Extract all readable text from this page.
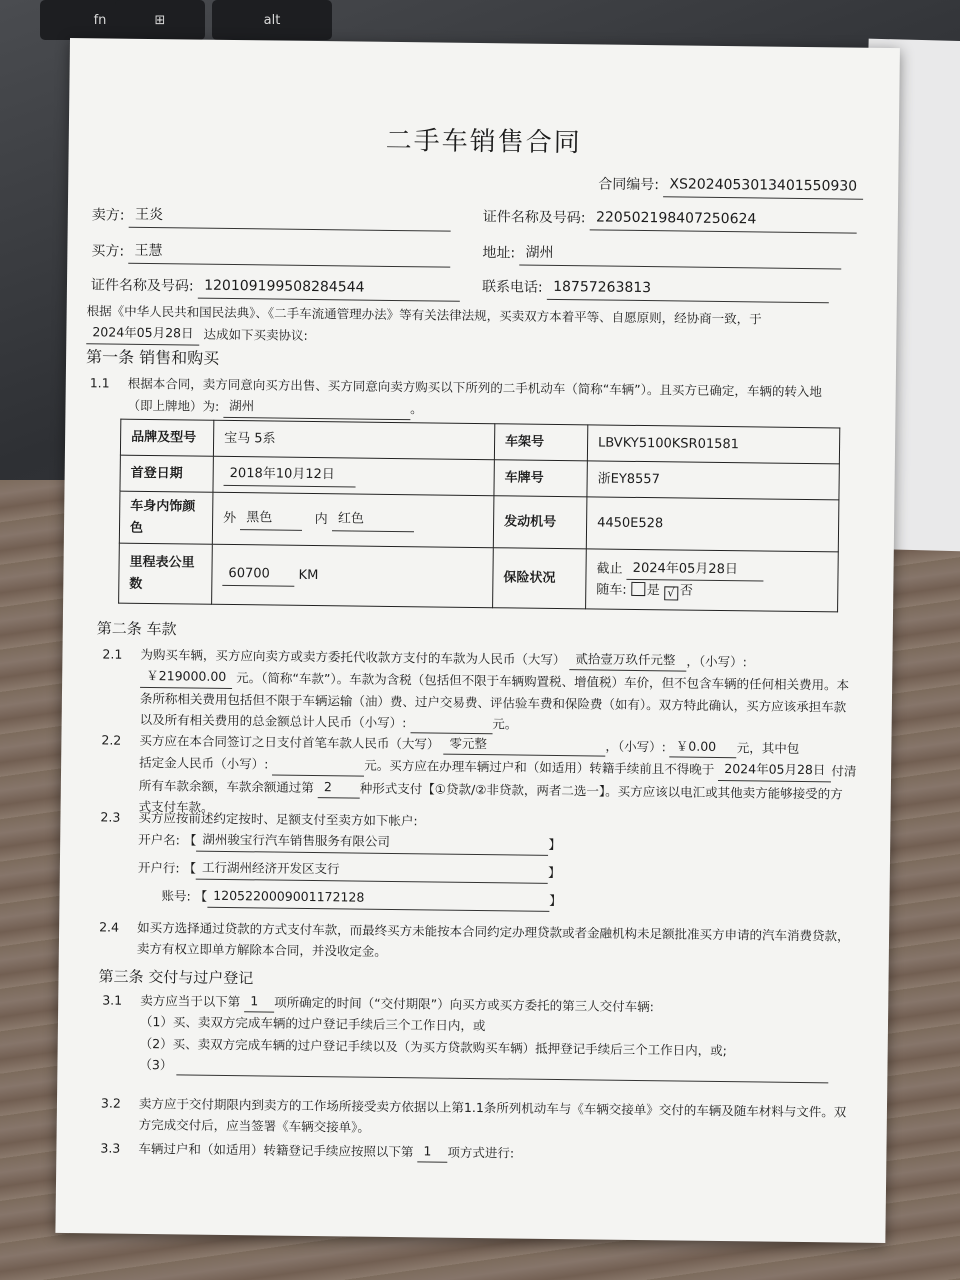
fn	⊞	alt
二手车销售合同
合同编号: XS2024053013401550930
卖方: 王炎	证件名称及号码: 220502198407250624
买方: 王慧	地址: 湖州
证件名称及号码: 120109199508284544	联系电话: 18757263813
根据《中华人民共和国民法典》、《二手车流通管理办法》等有关法律法规，买卖双方本着平等、自愿原则，经协商一致，于 2024年05月28日 达成如下买卖协议:
第一条 销售和购买
1.1 根据本合同，卖方同意向买方出售、买方同意向卖方购买以下所列的二手机动车（简称“车辆”）。且买方已确定，车辆的转入地
（即上牌地）为: 湖州	。
品牌及型号	宝马 5系	车架号	LBVKY5100KSR01581
首登日期	2018年10月12日	车牌号	浙EY8557
车身内饰颜色	外 黑色 内 红色	发动机号	4450E528
里程表公里数	60700 KM	保险状况	截止 2024年05月28日
随车: 是 √ 否
第二条 车款
2.1 为购买车辆，买方应向卖方或卖方委托代收款方支付的车款为人民币（大写） 贰拾壹万玖仟元整 ，（小写）:
￥219000.00 元。（简称“车款”）。车款为含税（包括但不限于车辆购置税、增值税）车价，但不包含车辆的任何相关费用。本
条所称相关费用包括但不限于车辆运输（油）费、过户交易费、评估验车费和保险费（如有）。双方特此确认，买方应该承担车款
以及所有相关费用的总金额总计人民币（小写）:	元。
2.2 买方应在本合同签订之日支付首笔车款人民币（大写） 零元整	，（小写）: ￥0.00 元，其中包
括定金人民币（小写）:	元。买方应在办理车辆过户和（如适用）转籍手续前且不得晚于 2024年05月28日 付清
所有车款余额，车款余额通过第 2 种形式支付【①贷款/②非贷款，两者二选一】。买方应该以电汇或其他卖方能够接受的方
式支付车款。
2.3 买方应按前述约定按时、足额支付至卖方如下帐户:
开户名: 【 湖州骏宝行汽车销售服务有限公司	】
开户行: 【 工行湖州经济开发区支行	】
账号: 【 1205220009001172128	】
2.4 如买方选择通过贷款的方式支付车款，而最终买方未能按本合同约定办理贷款或者金融机构未足额批准买方申请的汽车消费贷款，
卖方有权立即单方解除本合同，并没收定金。
第三条 交付与过户登记
3.1 卖方应当于以下第 1 项所确定的时间（“交付期限”）向买方或买方委托的第三人交付车辆:
（1）买、卖双方完成车辆的过户登记手续后三个工作日内，或
（2）买、卖双方完成车辆的过户登记手续以及（为买方贷款购买车辆）抵押登记手续后三个工作日内，或;
（3）
3.2 卖方应于交付期限内到卖方的工作场所接受卖方依据以上第1.1条所列机动车与《车辆交接单》交付的车辆及随车材料与文件。双
方完成交付后，应当签署《车辆交接单》。
3.3 车辆过户和（如适用）转籍登记手续应按照以下第 1 项方式进行:
